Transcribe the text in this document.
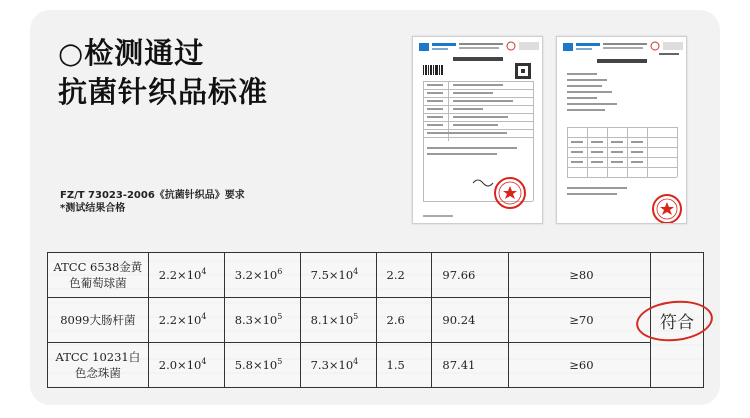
○检测通过
抗菌针织品标准
FZ/T 73023-2006《抗菌针织品》要求
*测试结果合格
ATCC 6538金黄色葡萄球菌	$2.2\times 10^4$	$3.2\times 10^6$	$7.5\times 10^4$	2.2	97.66	≥80	符合
8099大肠杆菌	$2.2\times 10^4$	$8.3\times 10^5$	$8.1\times 10^5$	2.6	90.24	≥70	
ATCC 10231白色念珠菌	$2.0\times 10^4$	$5.8\times 10^5$	$7.3\times 10^4$	1.5	87.41	≥60	
